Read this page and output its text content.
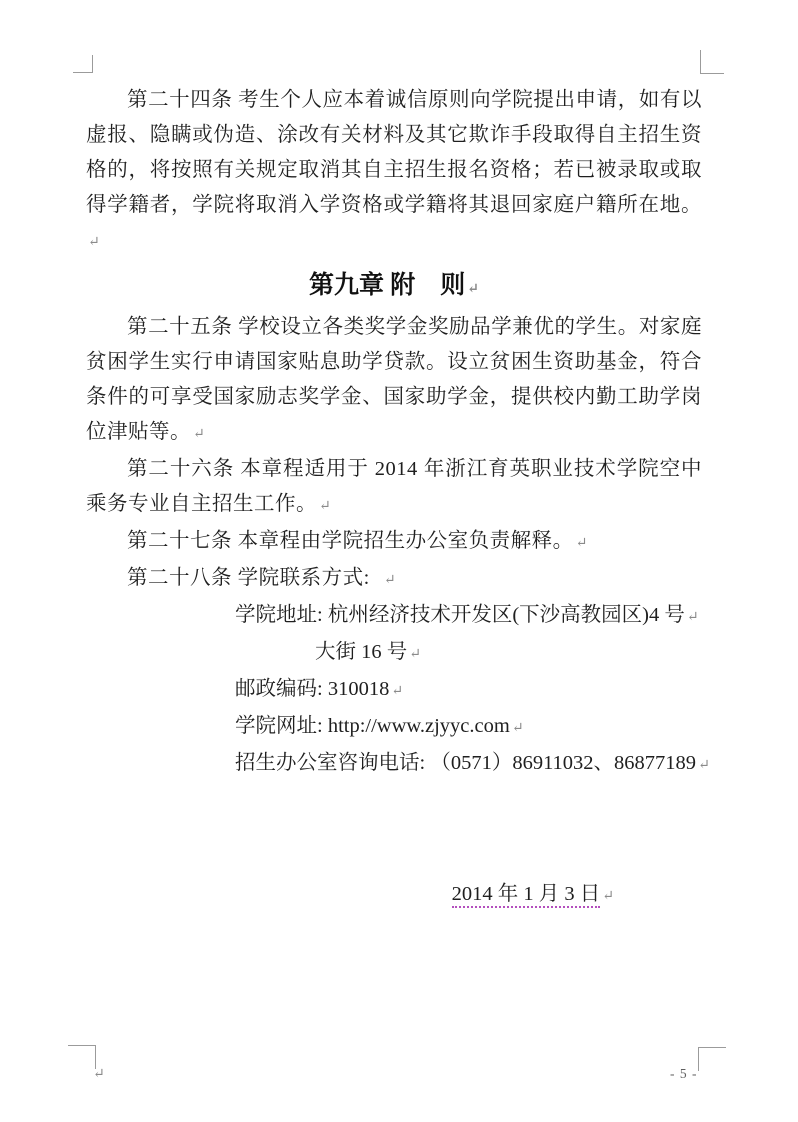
第二十四条 考生个人应本着诚信原则向学院提出申请，如有以虚报、隐瞒或伪造、涂改有关材料及其它欺诈手段取得自主招生资格的，将按照有关规定取消其自主招生报名资格；若已被录取或取得学籍者，学院将取消入学资格或学籍将其退回家庭户籍所在地。↵

第九章 附　则 ↵

第二十五条 学校设立各类奖学金奖励品学兼优的学生。对家庭贫困学生实行申请国家贴息助学贷款。设立贫困生资助基金，符合条件的可享受国家励志奖学金、国家助学金，提供校内勤工助学岗位津贴等。 ↵

第二十六条 本章程适用于 2014 年浙江育英职业技术学院空中乘务专业自主招生工作。 ↵

第二十七条 本章程由学院招生办公室负责解释。 ↵

第二十八条 学院联系方式: ↵

学院地址: 杭州经济技术开发区(下沙高教园区)4 号 ↵
大街 16 号 ↵
邮政编码: 310018 ↵
学院网址: http://www.zjyyc.com ↵
招生办公室咨询电话: （0571）86911032、86877189 ↵
2014 年 1 月 3 日 ↵
↵	- 5 -
